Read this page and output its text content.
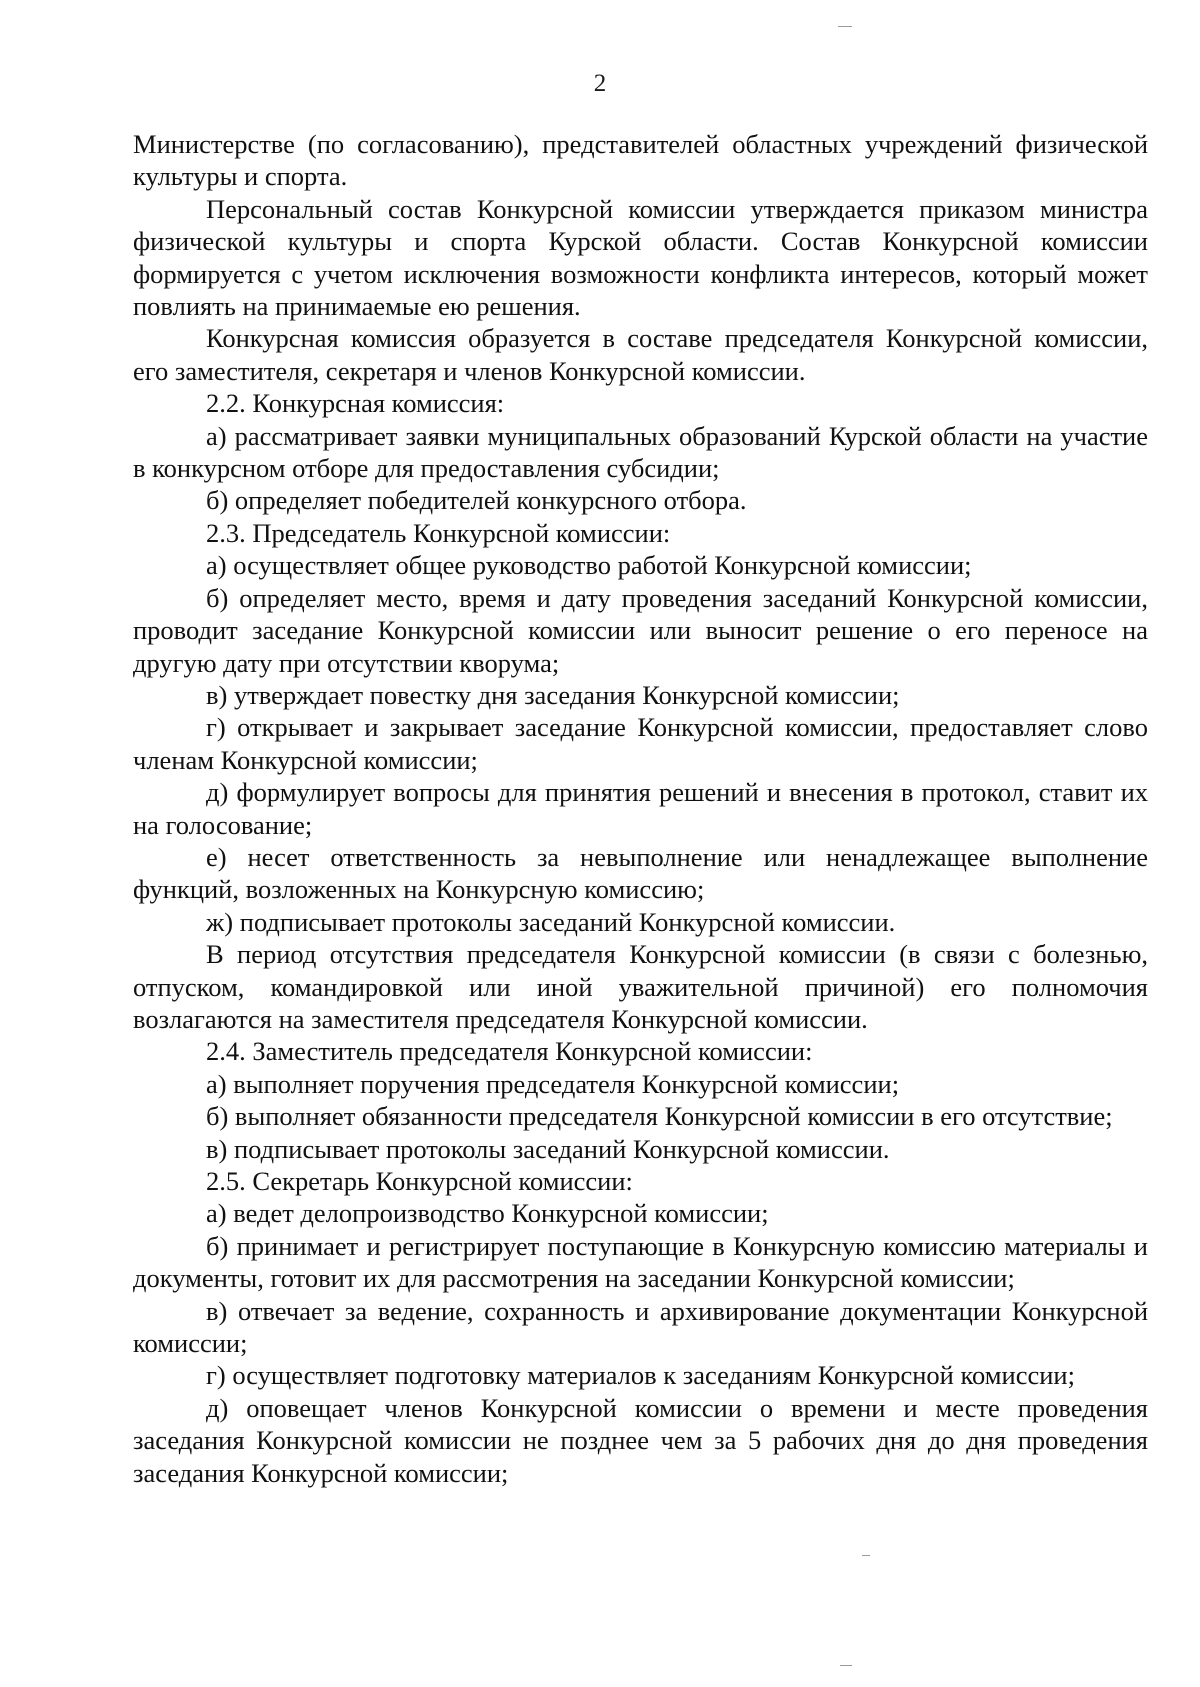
2

Министерстве (по согласованию), представителей областных учреждений физической культуры и спорта.

Персональный состав Конкурсной комиссии утверждается приказом министра физической культуры и спорта Курской области. Состав Конкурсной комиссии формируется с учетом исключения возможности конфликта интересов, который может повлиять на принимаемые ею решения.

Конкурсная комиссия образуется в составе председателя Конкурсной комиссии, его заместителя, секретаря и членов Конкурсной комиссии.

2.2. Конкурсная комиссия:

а) рассматривает заявки муниципальных образований Курской области на участие в конкурсном отборе для предоставления субсидии;

б) определяет победителей конкурсного отбора.

2.3. Председатель Конкурсной комиссии:

а) осуществляет общее руководство работой Конкурсной комиссии;

б) определяет место, время и дату проведения заседаний Конкурсной комиссии, проводит заседание Конкурсной комиссии или выносит решение о его переносе на другую дату при отсутствии кворума;

в) утверждает повестку дня заседания Конкурсной комиссии;

г) открывает и закрывает заседание Конкурсной комиссии, предоставляет слово членам Конкурсной комиссии;

д) формулирует вопросы для принятия решений и внесения в протокол, ставит их на голосование;

е) несет ответственность за невыполнение или ненадлежащее выполнение функций, возложенных на Конкурсную комиссию;

ж) подписывает протоколы заседаний Конкурсной комиссии.

В период отсутствия председателя Конкурсной комиссии (в связи с болезнью, отпуском, командировкой или иной уважительной причиной) его полномочия возлагаются на заместителя председателя Конкурсной комиссии.

2.4. Заместитель председателя Конкурсной комиссии:

а) выполняет поручения председателя Конкурсной комиссии;

б) выполняет обязанности председателя Конкурсной комиссии в его отсутствие;

в) подписывает протоколы заседаний Конкурсной комиссии.

2.5. Секретарь Конкурсной комиссии:

а) ведет делопроизводство Конкурсной комиссии;

б) принимает и регистрирует поступающие в Конкурсную комиссию материалы и документы, готовит их для рассмотрения на заседании Конкурсной комиссии;

в) отвечает за ведение, сохранность и архивирование документации Конкурсной комиссии;

г) осуществляет подготовку материалов к заседаниям Конкурсной комиссии;

д) оповещает членов Конкурсной комиссии о времени и месте проведения заседания Конкурсной комиссии не позднее чем за 5 рабочих дня до дня проведения заседания Конкурсной комиссии;
